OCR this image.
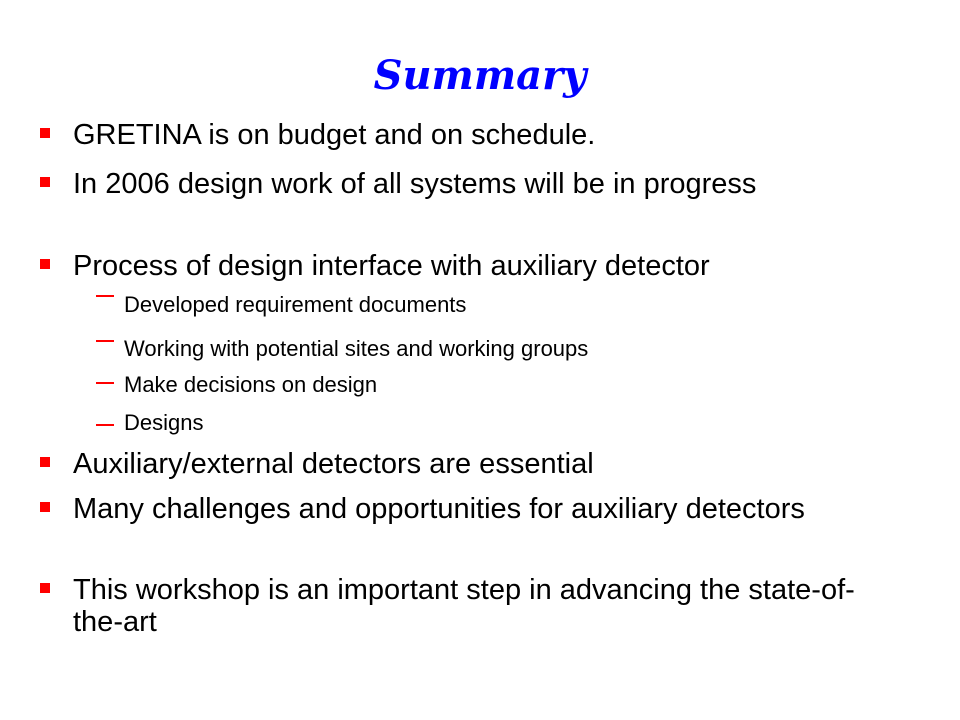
Summary
GRETINA is on budget and on schedule.
In 2006 design work of all systems will be in progress
Process of design interface with auxiliary detector
Developed requirement documents
Working with potential sites and working groups
Make decisions on design
Designs
Auxiliary/external detectors are essential
Many challenges and opportunities for auxiliary detectors
This workshop is an important step in advancing the state-of-the-art
